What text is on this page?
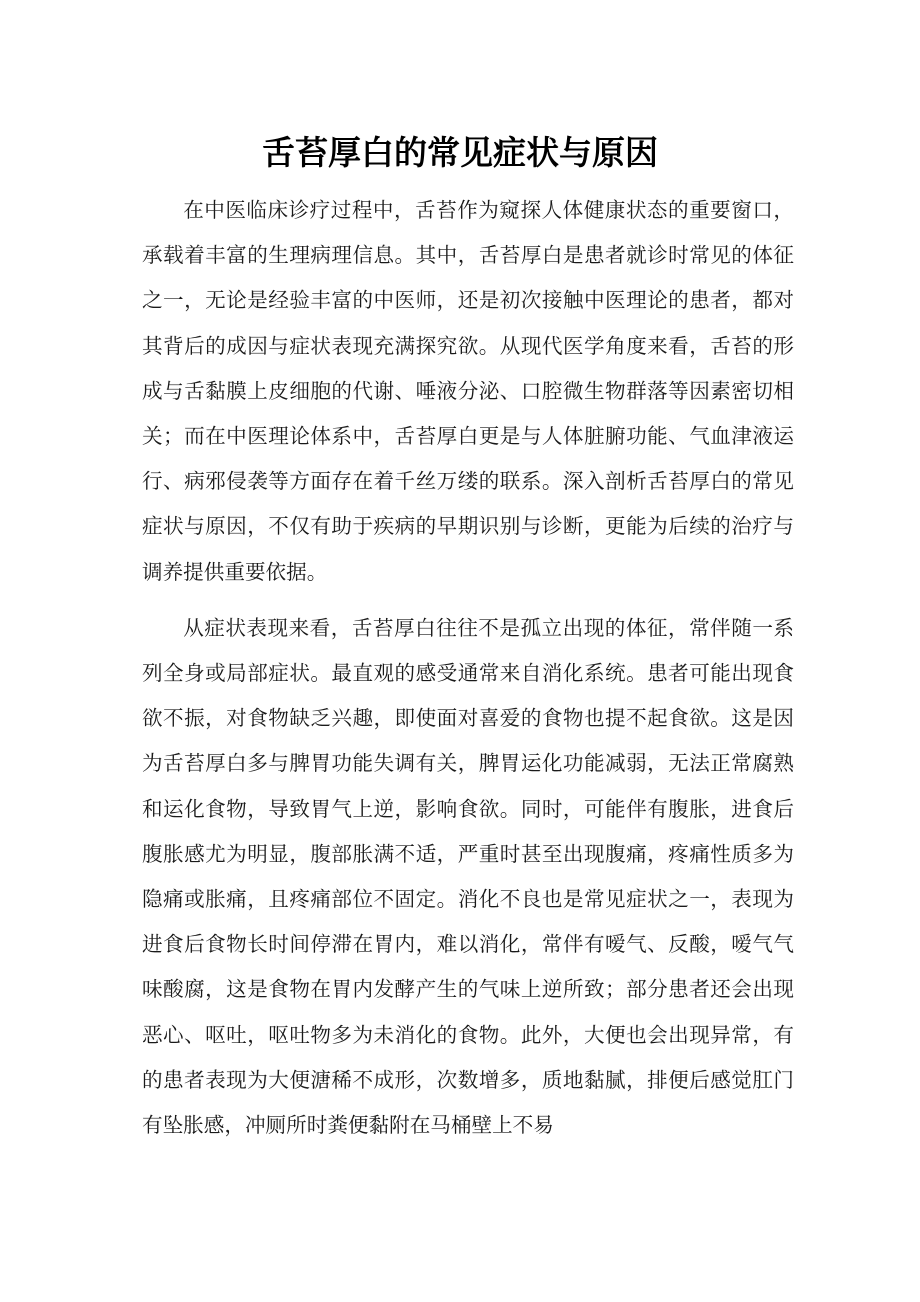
舌苔厚白的常见症状与原因

在中医临床诊疗过程中，舌苔作为窥探人体健康状态的重要窗口，承载着丰富的生理病理信息。其中，舌苔厚白是患者就诊时常见的体征之一，无论是经验丰富的中医师，还是初次接触中医理论的患者，都对其背后的成因与症状表现充满探究欲。从现代医学角度来看，舌苔的形成与舌黏膜上皮细胞的代谢、唾液分泌、口腔微生物群落等因素密切相关；而在中医理论体系中，舌苔厚白更是与人体脏腑功能、气血津液运行、病邪侵袭等方面存在着千丝万缕的联系。深入剖析舌苔厚白的常见症状与原因，不仅有助于疾病的早期识别与诊断，更能为后续的治疗与调养提供重要依据。

从症状表现来看，舌苔厚白往往不是孤立出现的体征，常伴随一系列全身或局部症状。最直观的感受通常来自消化系统。患者可能出现食欲不振，对食物缺乏兴趣，即使面对喜爱的食物也提不起食欲。这是因为舌苔厚白多与脾胃功能失调有关，脾胃运化功能减弱，无法正常腐熟和运化食物，导致胃气上逆，影响食欲。同时，可能伴有腹胀，进食后腹胀感尤为明显，腹部胀满不适，严重时甚至出现腹痛，疼痛性质多为隐痛或胀痛，且疼痛部位不固定。消化不良也是常见症状之一，表现为进食后食物长时间停滞在胃内，难以消化，常伴有嗳气、反酸，嗳气气味酸腐，这是食物在胃内发酵产生的气味上逆所致；部分患者还会出现恶心、呕吐，呕吐物多为未消化的食物。此外，大便也会出现异常，有的患者表现为大便溏稀不成形，次数增多，质地黏腻，排便后感觉肛门有坠胀感，冲厕所时粪便黏附在马桶壁上不易
